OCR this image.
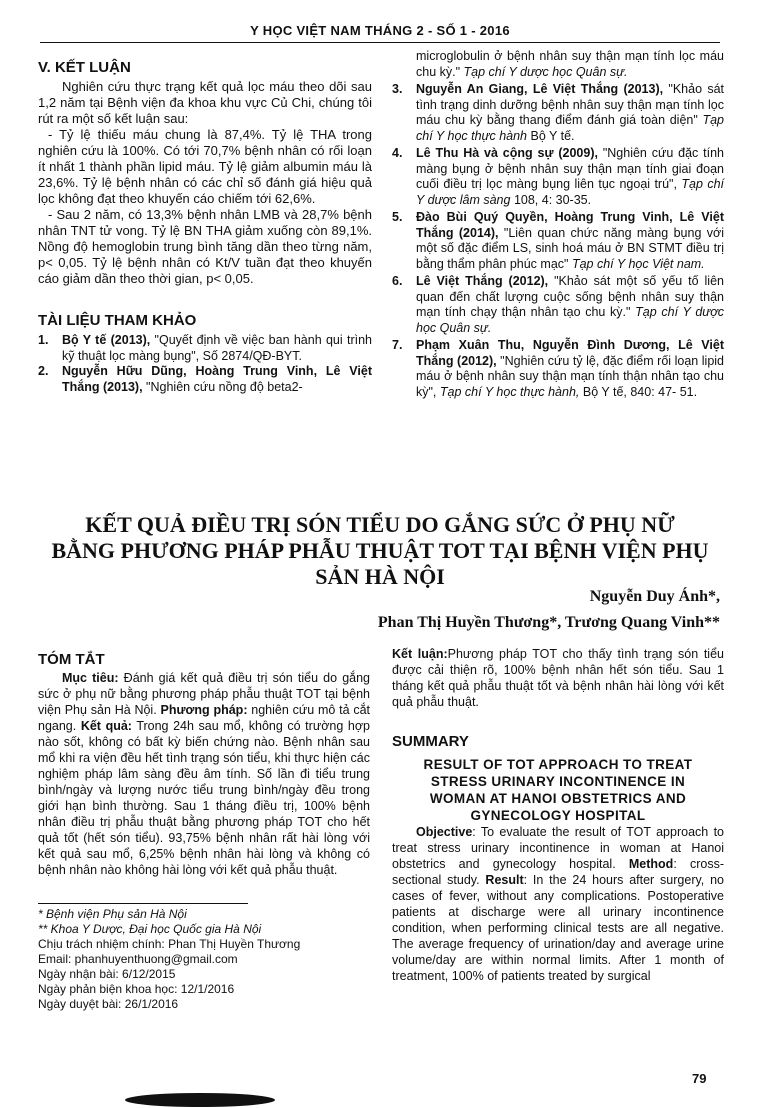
Y HỌC VIỆT NAM THÁNG 2 - SỐ 1 - 2016
V. KẾT LUẬN

Nghiên cứu thực trạng kết quả lọc máu theo dõi sau 1,2 năm tại Bệnh viện đa khoa khu vực Củ Chi, chúng tôi rút ra một số kết luận sau:

- Tỷ lệ thiếu máu chung là 87,4%. Tỷ lệ THA trong nghiên cứu là 100%. Có tới 70,7% bệnh nhân có rối loạn ít nhất 1 thành phần lipid máu. Tỷ lệ giảm albumin máu là 23,6%. Tỷ lệ bệnh nhân có các chỉ số đánh giá hiệu quả lọc không đạt theo khuyến cáo chiếm tới 62,6%.

- Sau 2 năm, có 13,3% bệnh nhân LMB và 28,7% bệnh nhân TNT tử vong. Tỷ lệ BN THA giảm xuống còn 89,1%. Nồng độ hemoglobin trung bình tăng dần theo từng năm, p< 0,05. Tỷ lệ bệnh nhân có Kt/V tuần đạt theo khuyến cáo giảm dần theo thời gian, p< 0,05.

TÀI LIỆU THAM KHẢO
1. Bộ Y tế (2013), "Quyết định về việc ban hành qui trình kỹ thuật lọc màng bụng", Số 2874/QĐ-BYT.
2. Nguyễn Hữu Dũng, Hoàng Trung Vinh, Lê Việt Thắng (2013), "Nghiên cứu nồng độ beta2-
microglobulin ở bệnh nhân suy thận mạn tính lọc máu chu kỳ." Tạp chí Y dược học Quân sự.
3. Nguyễn An Giang, Lê Việt Thắng (2013), "Khảo sát tình trạng dinh dưỡng bệnh nhân suy thận mạn tính lọc máu chu kỳ bằng thang điểm đánh giá toàn diện" Tạp chí Y học thực hành Bộ Y tế.
4. Lê Thu Hà và cộng sự (2009), "Nghiên cứu đặc tính màng bụng ở bệnh nhân suy thận mạn tính giai đoạn cuối điều trị lọc màng bụng liên tục ngoại trú", Tạp chí Y dược lâm sàng 108, 4: 30-35.
5. Đào Bùi Quý Quyền, Hoàng Trung Vinh, Lê Việt Thắng (2014), "Liên quan chức năng màng bụng với một số đặc điểm LS, sinh hoá máu ở BN STMT điều trị bằng thẩm phân phúc mạc" Tạp chí Y học Việt nam.
6. Lê Việt Thắng (2012), "Khảo sát một số yếu tố liên quan đến chất lượng cuộc sống bệnh nhân suy thận mạn tính chạy thận nhân tạo chu kỳ." Tạp chí Y dược học Quân sự.
7. Phạm Xuân Thu, Nguyễn Đình Dương, Lê Việt Thắng (2012), "Nghiên cứu tỷ lệ, đặc điểm rối loạn lipid máu ở bệnh nhân suy thận mạn tính thận nhân tạo chu kỳ", Tạp chí Y học thực hành, Bộ Y tế, 840: 47- 51.
KẾT QUẢ ĐIỀU TRỊ SÓN TIỂU DO GẮNG SỨC Ở PHỤ NỮ
BẰNG PHƯƠNG PHÁP PHẪU THUẬT TOT TẠI BỆNH VIỆN PHỤ SẢN HÀ NỘI
Nguyễn Duy Ánh*,
Phan Thị Huyền Thương*, Trương Quang Vinh**
TÓM TẮT

Mục tiêu: Đánh giá kết quả điều trị són tiểu do gắng sức ở phụ nữ bằng phương pháp phẫu thuật TOT tại bệnh viện Phụ sản Hà Nội. Phương pháp: nghiên cứu mô tả cắt ngang. Kết quả: Trong 24h sau mổ, không có trường hợp nào sốt, không có bất kỳ biến chứng nào. Bệnh nhân sau mổ khi ra viện đều hết tình trạng són tiểu, khi thực hiện các nghiệm pháp lâm sàng đều âm tính. Số lần đi tiểu trung bình/ngày và lượng nước tiểu trung bình/ngày đều trong giới hạn bình thường. Sau 1 tháng điều trị, 100% bệnh nhân điều trị phẫu thuật bằng phương pháp TOT cho hết quả tốt (hết són tiểu). 93,75% bệnh nhân rất hài lòng với kết quả sau mổ, 6,25% bệnh nhân hài lòng và không có bệnh nhân nào không hài lòng với kết quả phẫu thuật.

* Bệnh viện Phụ sản Hà Nội
** Khoa Y Dược, Đại học Quốc gia Hà Nội
Chịu trách nhiệm chính: Phan Thị Huyền Thương
Email: phanhuyenthuong@gmail.com
Ngày nhận bài: 6/12/2015
Ngày phản biện khoa học: 12/1/2016
Ngày duyệt bài: 26/1/2016

Kết luận:Phương pháp TOT cho thấy tình trạng són tiểu được cải thiện rõ, 100% bệnh nhân hết són tiểu. Sau 1 tháng kết quả phẫu thuật tốt và bệnh nhân hài lòng với kết quả phẫu thuật.

SUMMARY
RESULT OF TOT APPROACH TO TREAT
STRESS URINARY INCONTINENCE IN
WOMAN AT HANOI OBSTETRICS AND
GYNECOLOGY HOSPITAL

Objective: To evaluate the result of TOT approach to treat stress urinary incontinence in woman at Hanoi obstetrics and gynecology hospital. Method: cross-sectional study. Result: In the 24 hours after surgery, no cases of fever, without any complications. Postoperative patients at discharge were all urinary incontinence condition, when performing clinical tests are all negative. The average frequency of urination/day and average urine volume/day are within normal limits. After 1 month of treatment, 100% of patients treated by surgical

79
